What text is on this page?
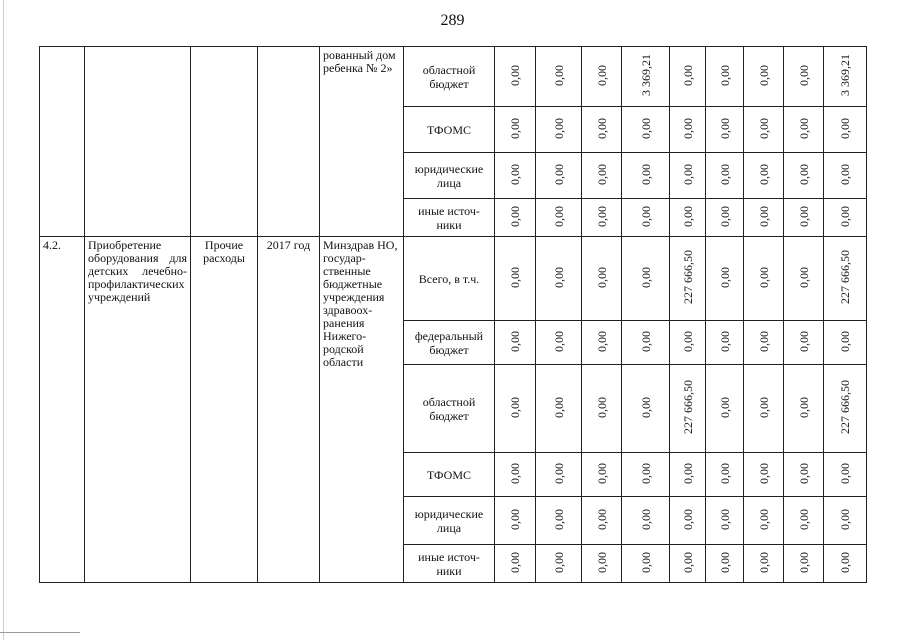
289
				рованный дом ребенка № 2»	областной бюджет	0,00	0,00	0,00	3 369,21	0,00	0,00	0,00	0,00	3 369,21
					ТФОМС	0,00	0,00	0,00	0,00	0,00	0,00	0,00	0,00	0,00
					юридические лица	0,00	0,00	0,00	0,00	0,00	0,00	0,00	0,00	0,00
					иные источ-ники	0,00	0,00	0,00	0,00	0,00	0,00	0,00	0,00	0,00
4.2.	Приобретение оборудования для детских лечебно-профилактических учреждений	Прочие расходы	2017 год	Минздрав НО, государ-ственные бюджетные учреждения здравоох-ранения Нижего-родской области	Всего, в т.ч.	0,00	0,00	0,00	0,00	227 666,50	0,00	0,00	0,00	227 666,50
					федеральный бюджет	0,00	0,00	0,00	0,00	0,00	0,00	0,00	0,00	0,00
					областной бюджет	0,00	0,00	0,00	0,00	227 666,50	0,00	0,00	0,00	227 666,50
					ТФОМС	0,00	0,00	0,00	0,00	0,00	0,00	0,00	0,00	0,00
					юридические лица	0,00	0,00	0,00	0,00	0,00	0,00	0,00	0,00	0,00
					иные источ-ники	0,00	0,00	0,00	0,00	0,00	0,00	0,00	0,00	0,00
